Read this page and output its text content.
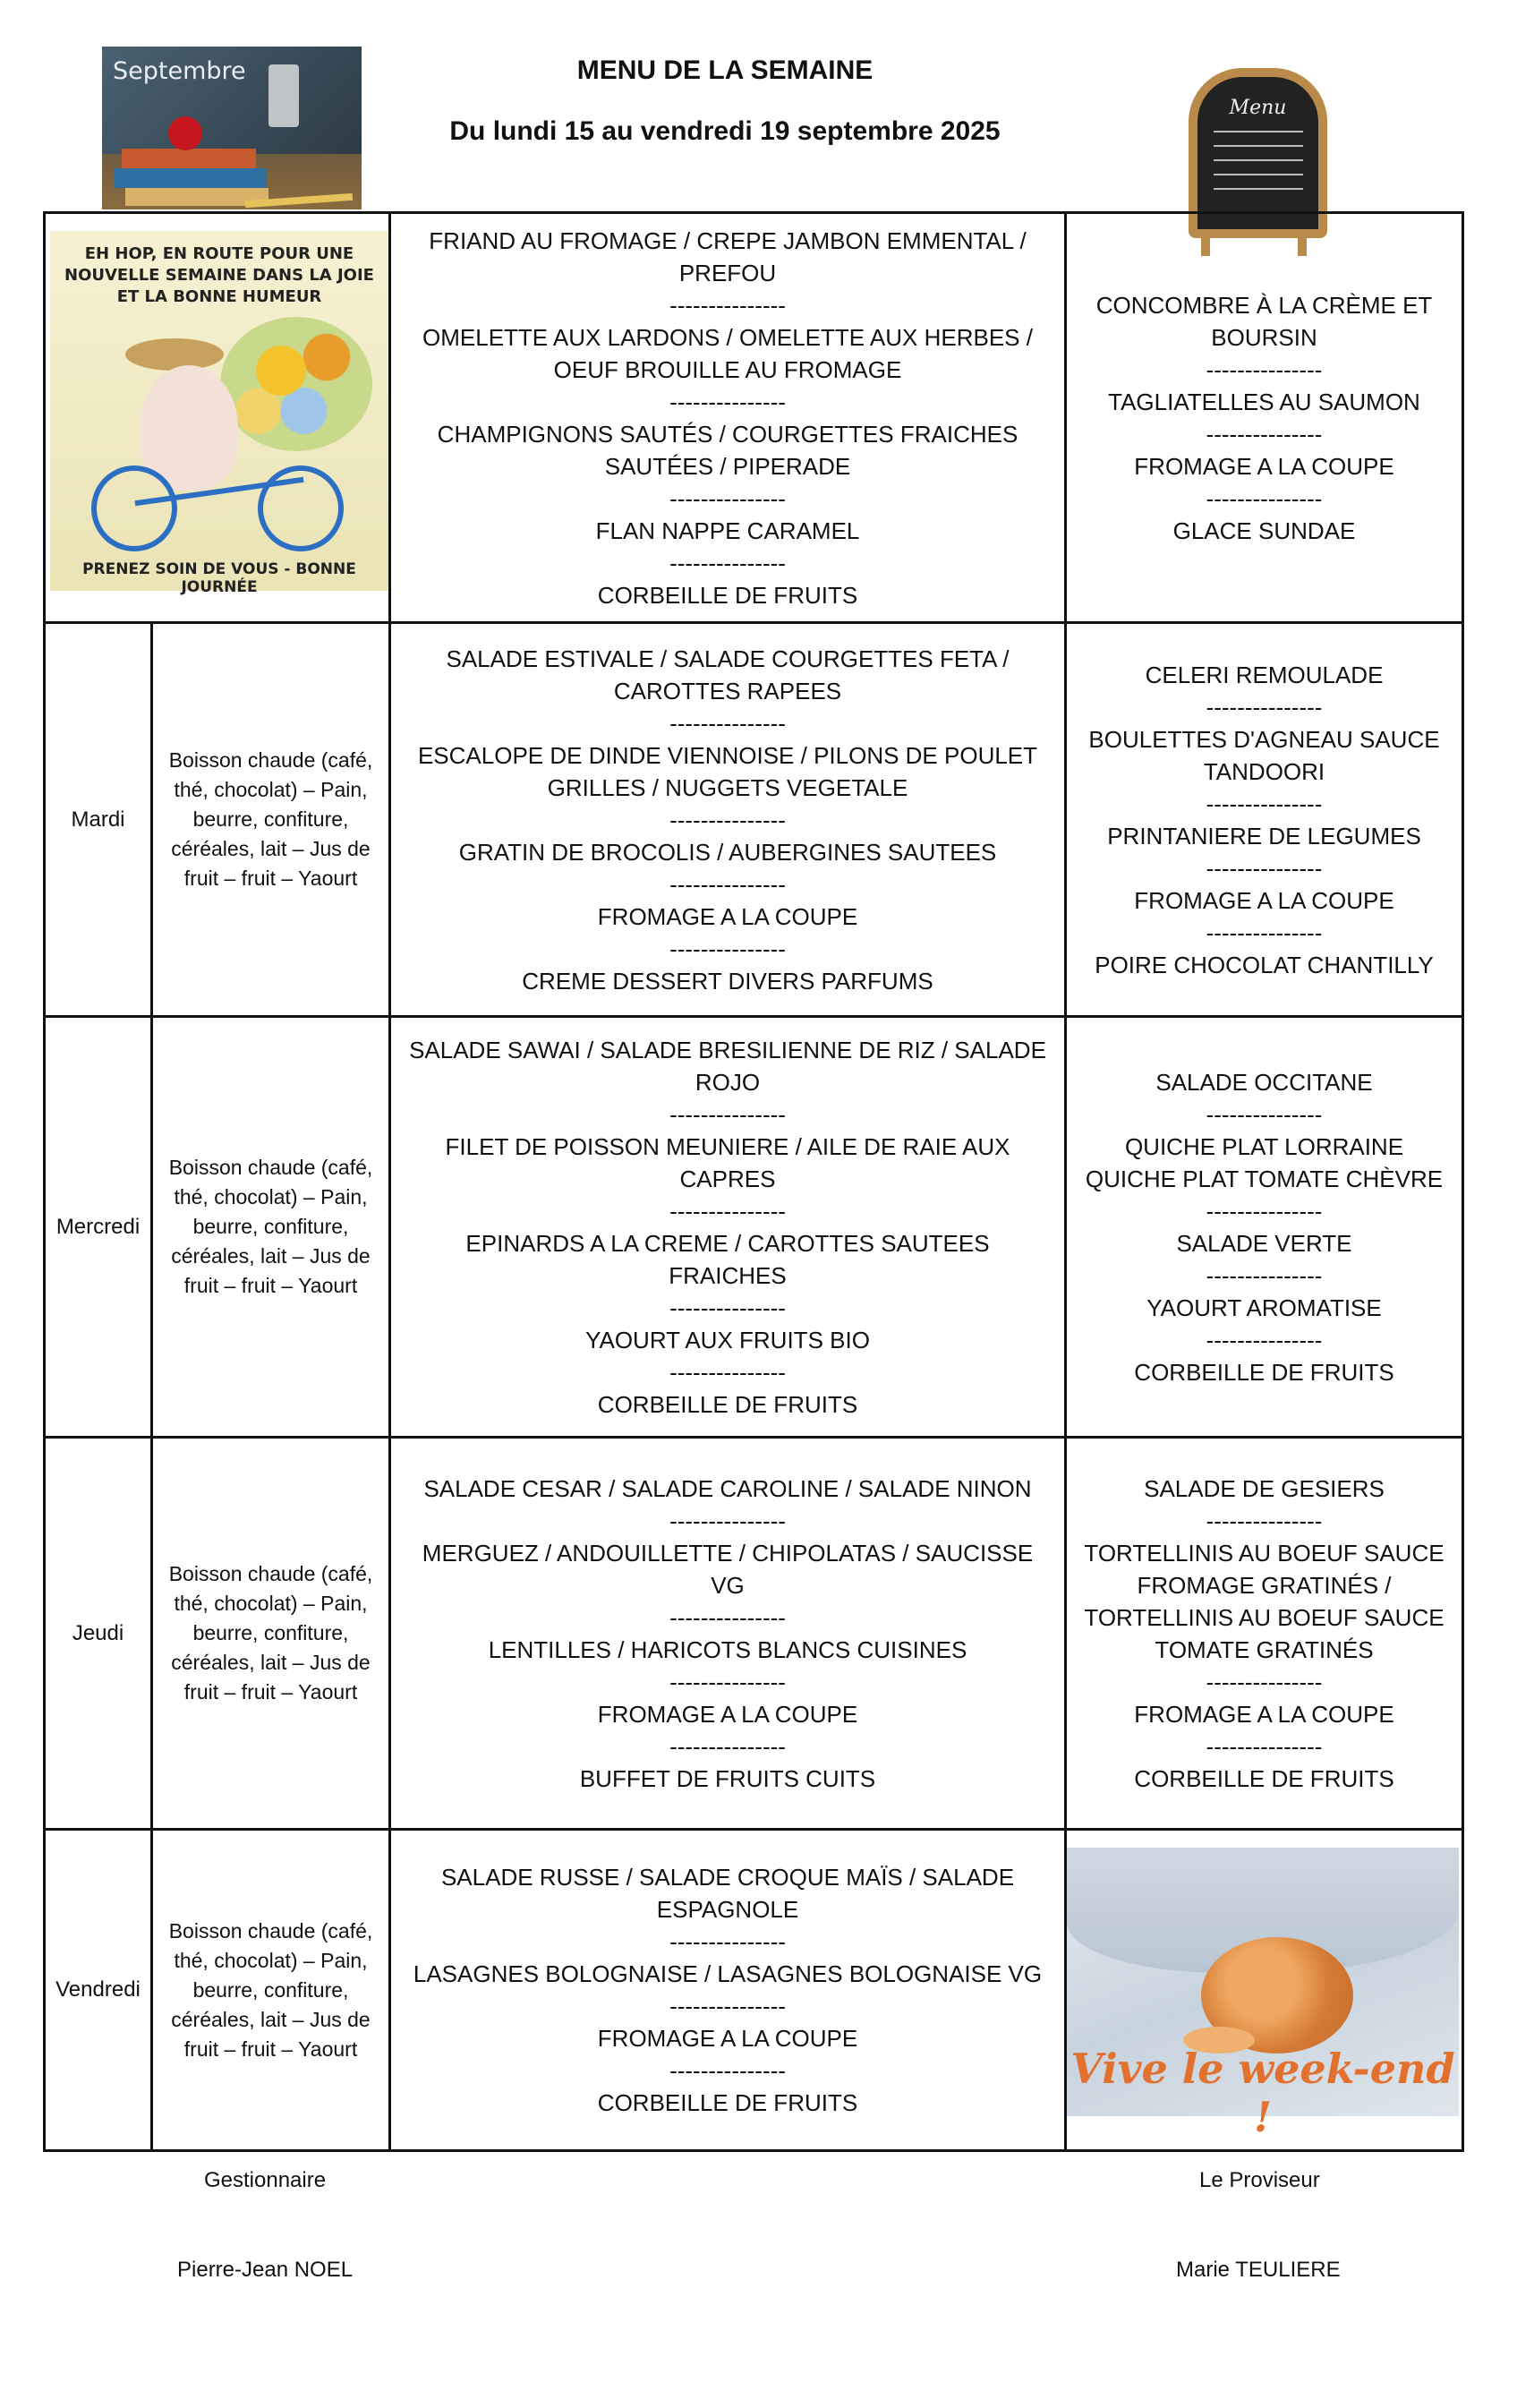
Septembre	MENU DE LA SEMAINE
Du lundi 15 au vendredi 19 septembre 2025
Menu
EH HOP, EN ROUTE POUR UNE NOUVELLE SEMAINE DANS LA JOIE ET LA BONNE HUMEUR
PRENEZ SOIN DE VOUS - BONNE JOURNÉE
FRIAND AU FROMAGE / CREPE JAMBON EMMENTAL / PREFOU
---------------
OMELETTE AUX LARDONS / OMELETTE AUX HERBES / OEUF BROUILLE AU FROMAGE
---------------
CHAMPIGNONS SAUTÉS / COURGETTES FRAICHES SAUTÉES / PIPERADE
---------------
FLAN NAPPE CARAMEL
---------------
CORBEILLE DE FRUITS
CONCOMBRE À LA CRÈME ET BOURSIN
---------------
TAGLIATELLES AU SAUMON
---------------
FROMAGE A LA COUPE
---------------
GLACE SUNDAE
Mardi
Boisson chaude (café, thé, chocolat) – Pain, beurre, confiture, céréales, lait – Jus de fruit – fruit – Yaourt
SALADE ESTIVALE / SALADE COURGETTES FETA / CAROTTES RAPEES
---------------
ESCALOPE DE DINDE VIENNOISE / PILONS DE POULET GRILLES / NUGGETS VEGETALE
---------------
GRATIN DE BROCOLIS / AUBERGINES SAUTEES
---------------
FROMAGE A LA COUPE
---------------
CREME DESSERT DIVERS PARFUMS
CELERI REMOULADE
---------------
BOULETTES D'AGNEAU SAUCE TANDOORI
---------------
PRINTANIERE DE LEGUMES
---------------
FROMAGE A LA COUPE
---------------
POIRE CHOCOLAT CHANTILLY
Mercredi
Boisson chaude (café, thé, chocolat) – Pain, beurre, confiture, céréales, lait – Jus de fruit – fruit – Yaourt
SALADE SAWAI / SALADE BRESILIENNE DE RIZ / SALADE ROJO
---------------
FILET DE POISSON MEUNIERE / AILE DE RAIE AUX CAPRES
---------------
EPINARDS A LA CREME / CAROTTES SAUTEES FRAICHES
---------------
YAOURT AUX FRUITS BIO
---------------
CORBEILLE DE FRUITS
SALADE OCCITANE
---------------
QUICHE PLAT LORRAINE QUICHE PLAT TOMATE CHÈVRE
---------------
SALADE VERTE
---------------
YAOURT AROMATISE
---------------
CORBEILLE DE FRUITS
Jeudi
Boisson chaude (café, thé, chocolat) – Pain, beurre, confiture, céréales, lait – Jus de fruit – fruit – Yaourt
SALADE CESAR / SALADE CAROLINE / SALADE NINON
---------------
MERGUEZ / ANDOUILLETTE / CHIPOLATAS / SAUCISSE VG
---------------
LENTILLES / HARICOTS BLANCS CUISINES
---------------
FROMAGE A LA COUPE
---------------
BUFFET DE FRUITS CUITS
SALADE DE GESIERS
---------------
TORTELLINIS AU BOEUF SAUCE FROMAGE GRATINÉS / TORTELLINIS AU BOEUF SAUCE TOMATE GRATINÉS
---------------
FROMAGE A LA COUPE
---------------
CORBEILLE DE FRUITS
Vendredi
Boisson chaude (café, thé, chocolat) – Pain, beurre, confiture, céréales, lait – Jus de fruit – fruit – Yaourt
SALADE RUSSE / SALADE CROQUE MAÏS / SALADE ESPAGNOLE
---------------
LASAGNES BOLOGNAISE / LASAGNES BOLOGNAISE VG
---------------
FROMAGE A LA COUPE
---------------
CORBEILLE DE FRUITS
Vive le week-end !
Gestionnaire
Pierre-Jean NOEL
Le Proviseur
Marie TEULIERE
